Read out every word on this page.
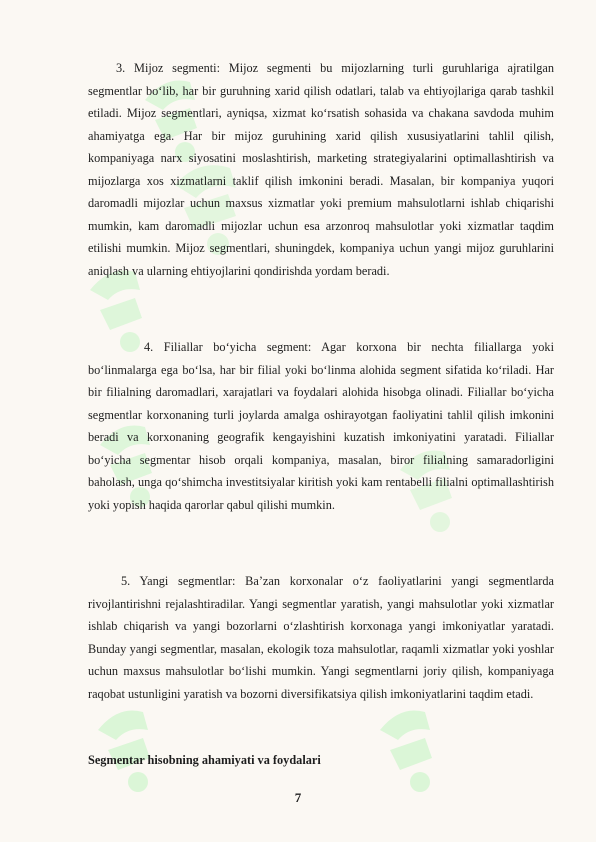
3. Mijoz segmenti: Mijoz segmenti bu mijozlarning turli guruhlariga ajratilgan segmentlar bo‘lib, har bir guruhning xarid qilish odatlari, talab va ehtiyojlariga qarab tashkil etiladi. Mijoz segmentlari, ayniqsa, xizmat ko‘rsatish sohasida va chakana savdoda muhim ahamiyatga ega. Har bir mijoz guruhining xarid qilish xususiyatlarini tahlil qilish, kompaniyaga narx siyosatini moslashtirish, marketing strategiyalarini optimallashtirish va mijozlarga xos xizmatlarni taklif qilish imkonini beradi. Masalan, bir kompaniya yuqori daromadli mijozlar uchun maxsus xizmatlar yoki premium mahsulotlarni ishlab chiqarishi mumkin, kam daromadli mijozlar uchun esa arzonroq mahsulotlar yoki xizmatlar taqdim etilishi mumkin. Mijoz segmentlari, shuningdek, kompaniya uchun yangi mijoz guruhlarini aniqlash va ularning ehtiyojlarini qondirishda yordam beradi.

4. Filiallar bo‘yicha segment: Agar korxona bir nechta filiallarga yoki bo‘linmalarga ega bo‘lsa, har bir filial yoki bo‘linma alohida segment sifatida ko‘riladi. Har bir filialning daromadlari, xarajatlari va foydalari alohida hisobga olinadi. Filiallar bo‘yicha segmentlar korxonaning turli joylarda amalga oshirayotgan faoliyatini tahlil qilish imkonini beradi va korxonaning geografik kengayishini kuzatish imkoniyatini yaratadi. Filiallar bo‘yicha segmentar hisob orqali kompaniya, masalan, biror filialning samaradorligini baholash, unga qo‘shimcha investitsiyalar kiritish yoki kam rentabelli filialni optimallashtirish yoki yopish haqida qarorlar qabul qilishi mumkin.

5. Yangi segmentlar: Ba’zan korxonalar o‘z faoliyatlarini yangi segmentlarda rivojlantirishni rejalashtiradilar. Yangi segmentlar yaratish, yangi mahsulotlar yoki xizmatlar ishlab chiqarish va yangi bozorlarni o‘zlashtirish korxonaga yangi imkoniyatlar yaratadi. Bunday yangi segmentlar, masalan, ekologik toza mahsulotlar, raqamli xizmatlar yoki yoshlar uchun maxsus mahsulotlar bo‘lishi mumkin. Yangi segmentlarni joriy qilish, kompaniyaga raqobat ustunligini yaratish va bozorni diversifikatsiya qilish imkoniyatlarini taqdim etadi.

Segmentar hisobning ahamiyati va foydalari

7
